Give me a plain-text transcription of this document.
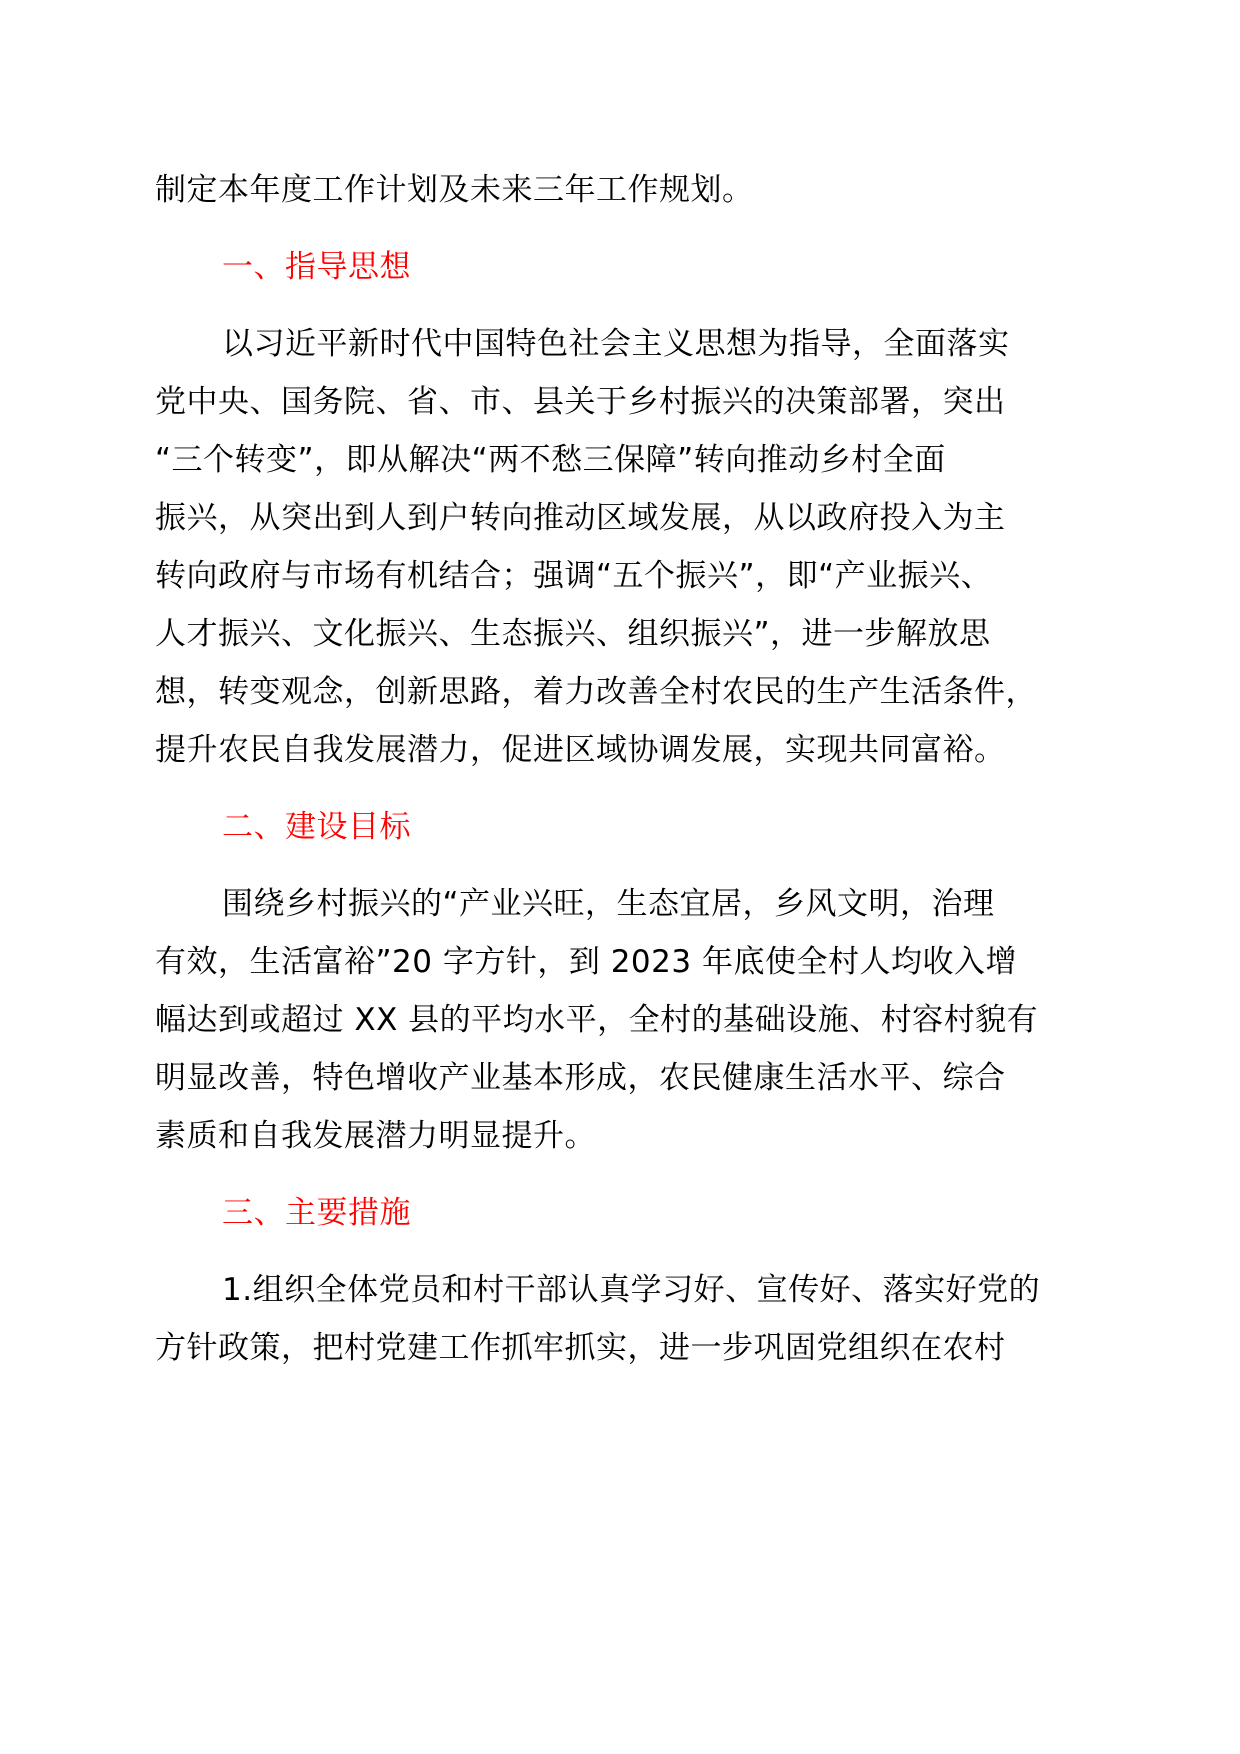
制定本年度工作计划及未来三年工作规划。
一、指导思想
以习近平新时代中国特色社会主义思想为指导，全面落实
党中央、国务院、省、市、县关于乡村振兴的决策部署，突出
“三个转变”，即从解决“两不愁三保障”转向推动乡村全面
振兴，从突出到人到户转向推动区域发展，从以政府投入为主
转向政府与市场有机结合；强调“五个振兴”，即“产业振兴、
人才振兴、文化振兴、生态振兴、组织振兴”，进一步解放思
想，转变观念，创新思路，着力改善全村农民的生产生活条件，
提升农民自我发展潜力，促进区域协调发展，实现共同富裕。
二、建设目标
围绕乡村振兴的“产业兴旺，生态宜居，乡风文明，治理
有效，生活富裕”20 字方针，到 2023 年底使全村人均收入增
幅达到或超过 XX 县的平均水平，全村的基础设施、村容村貌有
明显改善，特色增收产业基本形成，农民健康生活水平、综合
素质和自我发展潜力明显提升。
三、主要措施
1.组织全体党员和村干部认真学习好、宣传好、落实好党的
方针政策，把村党建工作抓牢抓实，进一步巩固党组织在农村
